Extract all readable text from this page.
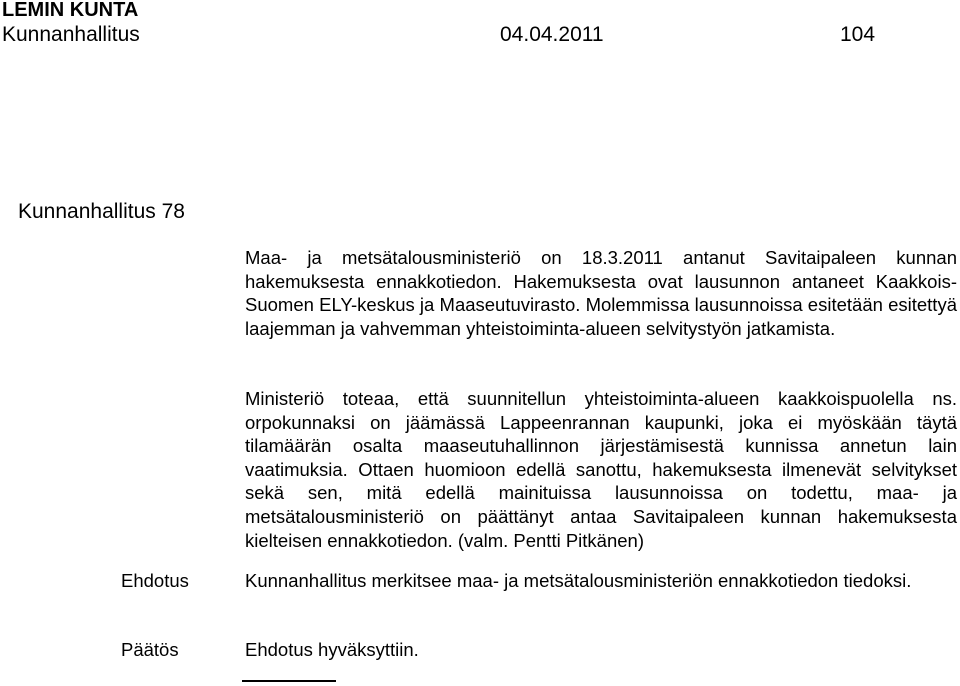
LEMIN KUNTA
Kunnanhallitus	04.04.2011	104
Kunnanhallitus 78

Maa- ja metsätalousministeriö on 18.3.2011 antanut Savitaipaleen kunnan hakemuksesta ennakkotiedon. Hakemuksesta ovat lausunnon antaneet Kaakkois-Suomen ELY-keskus ja Maaseutuvirasto. Molemmissa lausunnoissa esitetään esitettyä laajemman ja vahvemman yhteistoiminta-alueen selvitystyön jatkamista.

Ministeriö toteaa, että suunnitellun yhteistoiminta-alueen kaakkoispuolella ns. orpokunnaksi on jäämässä Lappeenrannan kaupunki, joka ei myöskään täytä tilamäärän osalta maaseutuhallinnon järjestämisestä kunnissa annetun lain vaatimuksia. Ottaen huomioon edellä sanottu, hakemuksesta ilmenevät selvitykset sekä sen, mitä edellä mainituissa lausunnoissa on todettu, maa- ja metsätalousministeriö on päättänyt antaa Savitaipaleen kunnan hakemuksesta kielteisen ennakkotiedon. (valm. Pentti Pitkänen)

Ehdotus	Kunnanhallitus merkitsee maa- ja metsätalousministeriön ennakkotiedon tiedoksi.

Päätös	Ehdotus hyväksyttiin.
